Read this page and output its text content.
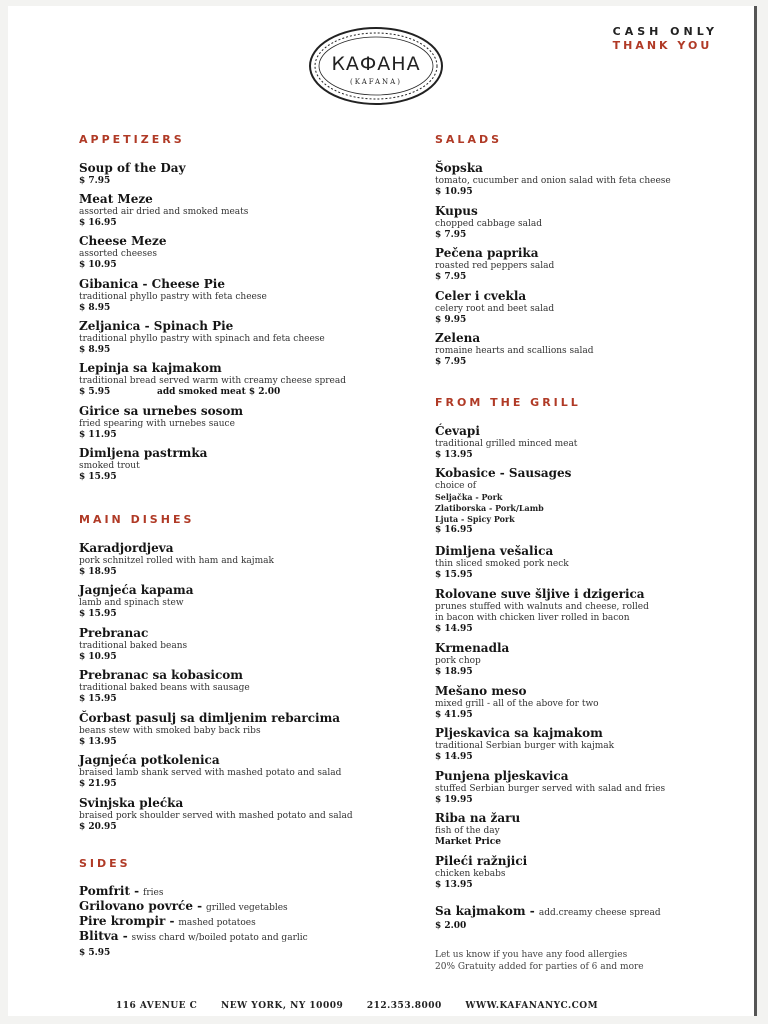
КАФАНА
(KAFANA)
CASH ONLY
THANK YOU
APPETIZERS
Soup of the Day
$ 7.95
Meat Meze
assorted air dried and smoked meats
$ 16.95
Cheese Meze
assorted cheeses
$ 10.95
Gibanica - Cheese Pie
traditional phyllo pastry with feta cheese
$ 8.95
Zeljanica - Spinach Pie
traditional phyllo pastry with spinach and feta cheese
$ 8.95
Lepinja sa kajmakom
traditional bread served warm with creamy cheese spread
$ 5.95	add smoked meat $ 2.00
Girice sa urnebes sosom
fried spearing with urnebes sauce
$ 11.95
Dimljena pastrmka
smoked trout
$ 15.95
MAIN DISHES
Karadjordjeva
pork schnitzel rolled with ham and kajmak
$ 18.95
Jagnjeća kapama
lamb and spinach stew
$ 15.95
Prebranac
traditional baked beans
$ 10.95
Prebranac sa kobasicom
traditional baked beans with sausage
$ 15.95
Čorbast pasulj sa dimljenim rebarcima
beans stew with smoked baby back ribs
$ 13.95
Jagnjeća potkolenica
braised lamb shank served with mashed potato and salad
$ 21.95
Svinjska plećka
braised pork shoulder served with mashed potato and salad
$ 20.95
SIDES
Pomfrit - fries
Grilovano povrće - grilled vegetables
Pire krompir - mashed potatoes
Blitva - swiss chard w/boiled potato and garlic
$ 5.95
SALADS
Šopska
tomato, cucumber and onion salad with feta cheese
$ 10.95
Kupus
chopped cabbage salad
$ 7.95
Pečena paprika
roasted red peppers salad
$ 7.95
Celer i cvekla
celery root and beet salad
$ 9.95
Zelena
romaine hearts and scallions salad
$ 7.95
FROM THE GRILL
Ćevapi
traditional grilled minced meat
$ 13.95
Kobasice - Sausages
choice of
Seljačka - Pork
Zlatiborska - Pork/Lamb
Ljuta - Spicy Pork
$ 16.95
Dimljena vešalica
thin sliced smoked pork neck
$ 15.95
Rolovane suve šljive i dzigerica
prunes stuffed with walnuts and cheese, rolled
in bacon with chicken liver rolled in bacon
$ 14.95
Krmenadla
pork chop
$ 18.95
Mešano meso
mixed grill - all of the above for two
$ 41.95
Pljeskavica sa kajmakom
traditional Serbian burger with kajmak
$ 14.95
Punjena pljeskavica
stuffed Serbian burger served with salad and fries
$ 19.95
Riba na žaru
fish of the day
Market Price
Pileći ražnjici
chicken kebabs
$ 13.95
Sa kajmakom - add.creamy cheese spread
$ 2.00
Let us know if you have any food allergies
20% Gratuity added for parties of 6 and more
116 AVENUE C	NEW YORK, NY 10009	212.353.8000	WWW.KAFANANYC.COM
